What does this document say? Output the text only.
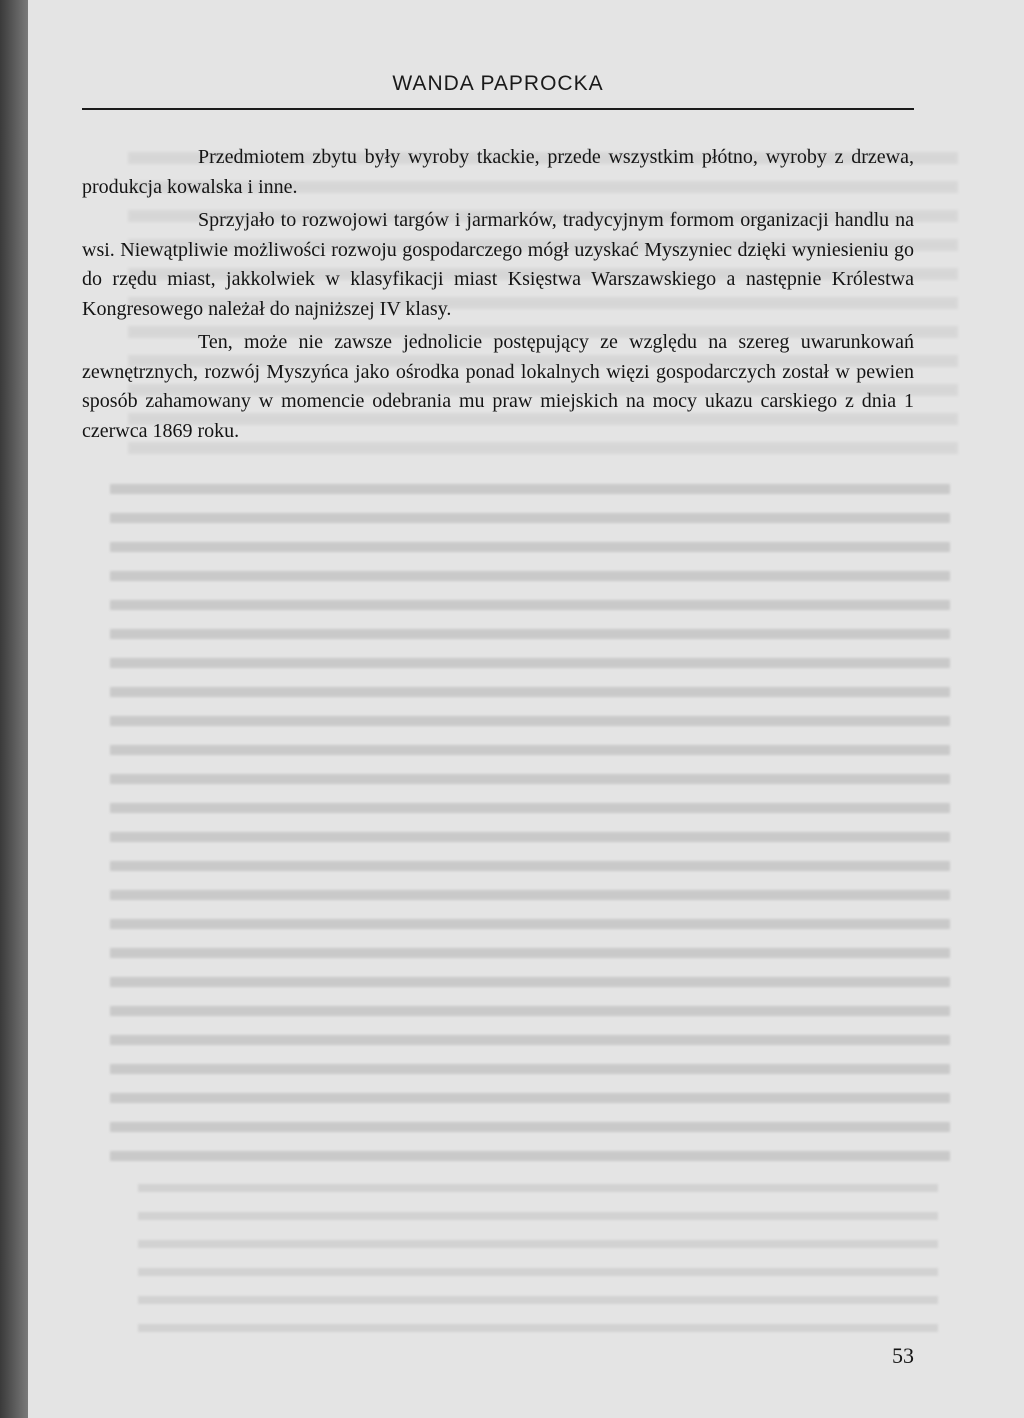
WANDA PAPROCKA

Przedmiotem zbytu były wyroby tkackie, przede wszystkim płótno, wyroby z drzewa, produkcja kowalska i inne.

Sprzyjało to rozwojowi targów i jarmarków, tradycyjnym formom organizacji handlu na wsi. Niewątpliwie możliwości rozwoju gospodarczego mógł uzyskać Myszyniec dzięki wyniesieniu go do rzędu miast, jakkolwiek w klasyfikacji miast Księstwa Warszawskiego a następnie Królestwa Kongresowego należał do najniższej IV klasy.

Ten, może nie zawsze jednolicie postępujący ze względu na szereg uwarunkowań zewnętrznych, rozwój Myszyńca jako ośrodka ponad lokalnych więzi gospodarczych został w pewien sposób zahamowany w momencie odebrania mu praw miejskich na mocy ukazu carskiego z dnia 1 czerwca 1869 roku.

53
